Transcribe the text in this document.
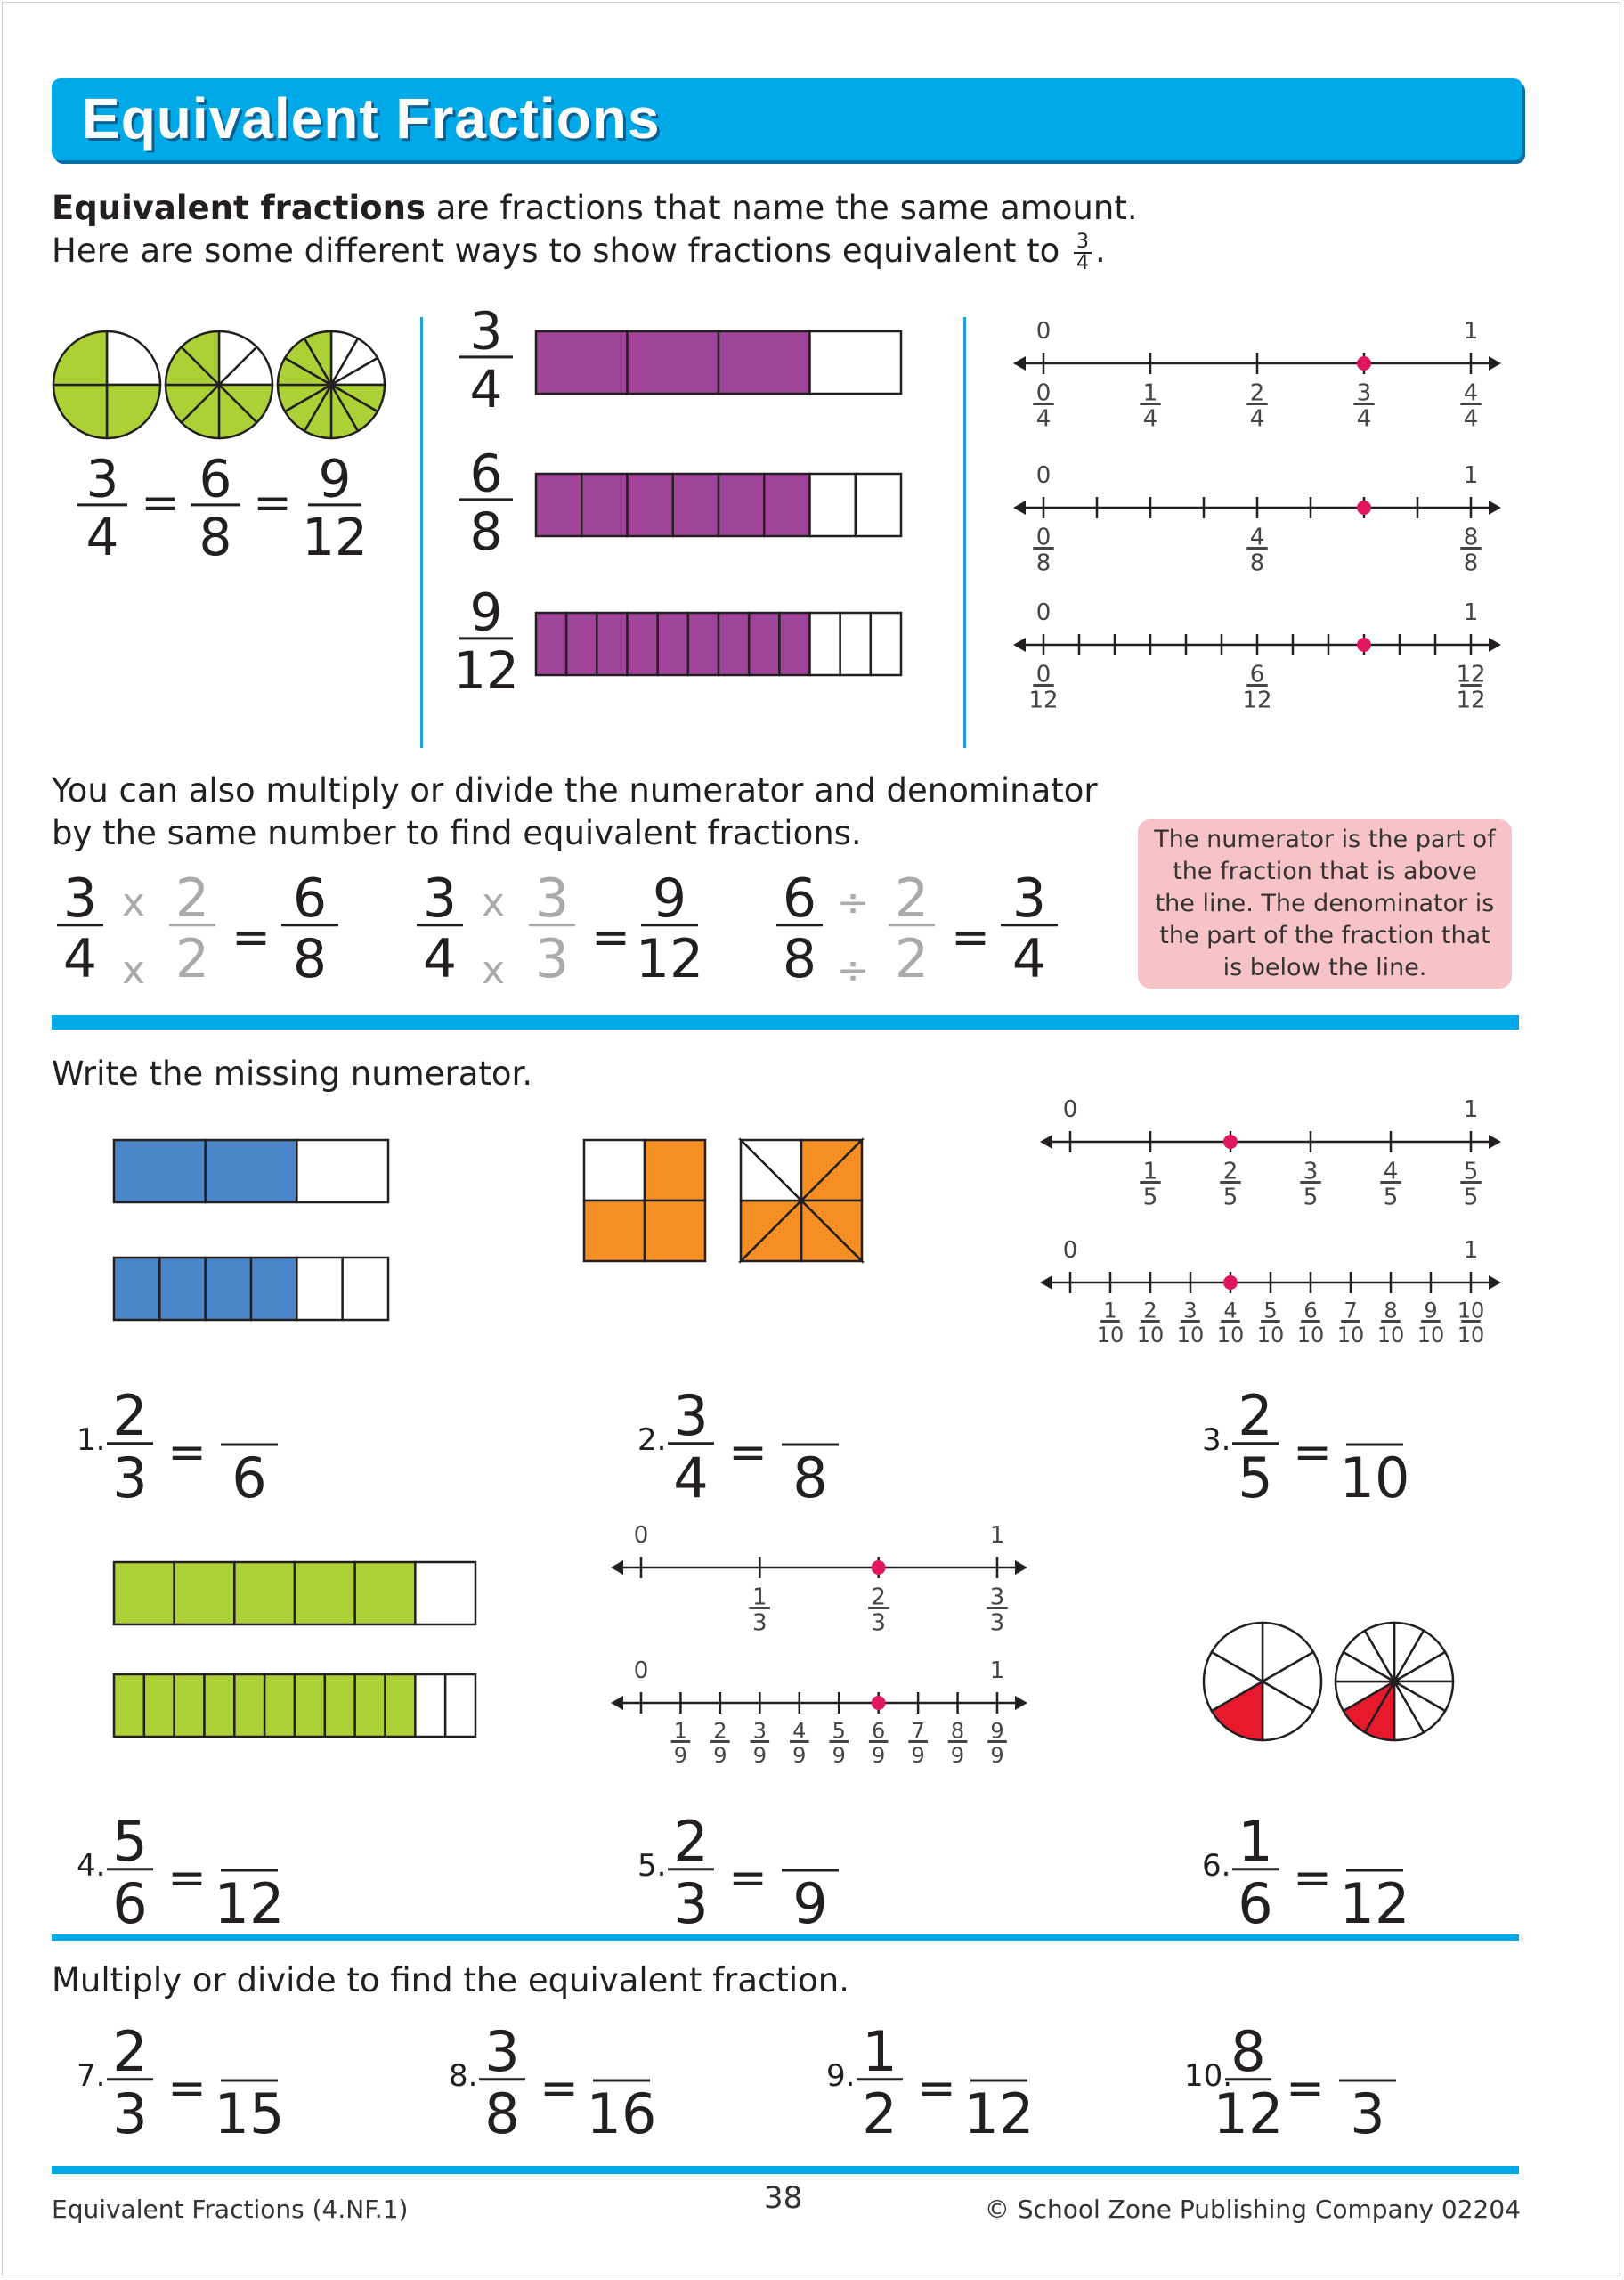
Equivalent Fractions
Equivalent fractions are fractions that name the same amount.
Here are some different ways to show fractions equivalent to $\frac{3}{4}$ .
3
4
= 6
8
= 9
12
3
4
6
8
9
12
0	1
0
4
1
4
2
4
3
4
4
4
0	1
0
8
4
8
8
8
0	1
0
12
6
12
12
12
You can also multiply or divide the numerator and denominator
by the same number to find equivalent fractions.
3
4
x
x
2
2 =
6
8
3
4
x
x
3
3 =
9
12
6
8
÷
÷
2
2 =
3
4
The numerator is the part of the fraction that is above the line. The denominator is the part of the fraction that is below the line.
Write the missing numerator.
0	1
1
5
2
5
3
5
4
5
5
5
0	1
1
10
2
10
3
10
4
10
5
10
6
10
7
10
8
10
9
10
10
10
1. 2
3 = 6
2. 3
4 = 8
3. 2
5 = 10
0	1
1
3
2
3
3
3
0	1
1
9
2
9
3
9
4
9
5
9
6
9
7
9
8
9
9
9
4. 5
6 = 12
5. 2
3 = 9
6. 1
6 = 12
Multiply or divide to find the equivalent fraction.
7. 2
3 = 15
8. 3
8 = 16
9. 1
2 = 12
10.
8
12 = 3
Equivalent Fractions (4.NF.1)	38	© School Zone Publishing Company 02204
